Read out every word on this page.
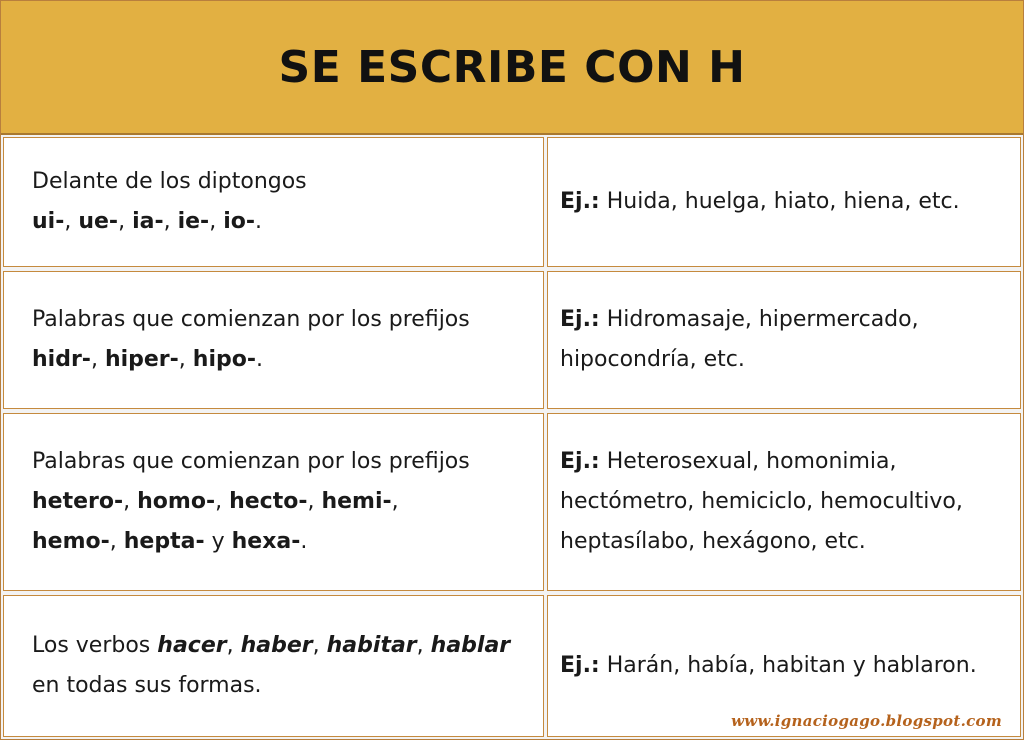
SE ESCRIBE CON H
Delante de los diptongos
ui-, ue-, ia-, ie-, io-.
Ej.: Huida, huelga, hiato, hiena, etc.
Palabras que comienzan por los prefijos
hidr-, hiper-, hipo-.
Ej.: Hidromasaje, hipermercado,
hipocondría, etc.
Palabras que comienzan por los prefijos
hetero-, homo-, hecto-, hemi-,
hemo-, hepta- y hexa-.
Ej.: Heterosexual, homonimia,
hectómetro, hemiciclo, hemocultivo,
heptasílabo, hexágono, etc.
Los verbos hacer, haber, habitar, hablar
en todas sus formas.
Ej.: Harán, había, habitan y hablaron.
www.ignaciogago.blogspot.com
